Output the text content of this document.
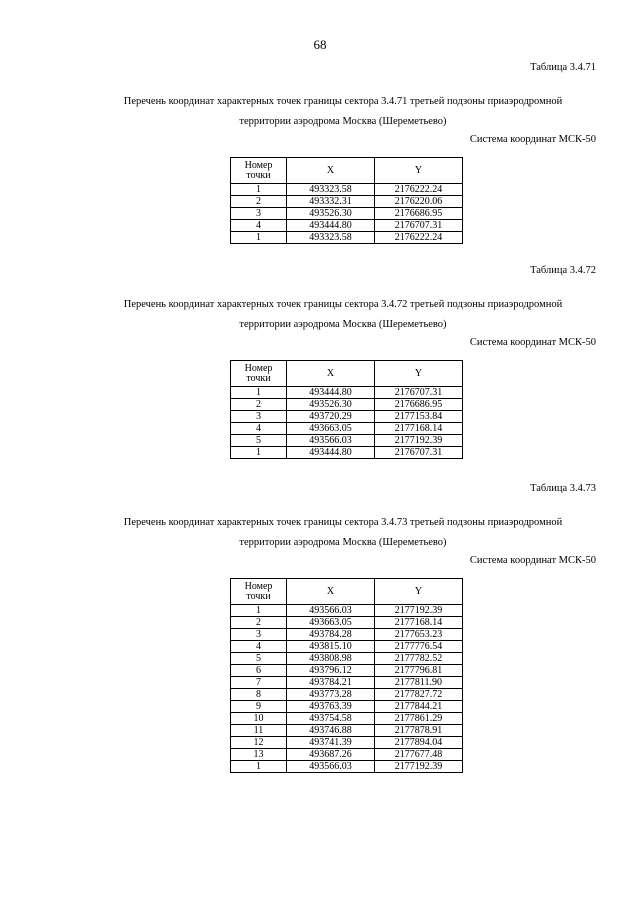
68
Таблица 3.4.71
Перечень координат характерных точек границы сектора 3.4.71 третьей подзоны приаэродромной
территории аэродрома Москва (Шереметьево)
Система координат МСК-50
Номер
точки	X	Y
1	493323.58	2176222.24
2	493332.31	2176220.06
3	493526.30	2176686.95
4	493444.80	2176707.31
1	493323.58	2176222.24
Таблица 3.4.72
Перечень координат характерных точек границы сектора 3.4.72 третьей подзоны приаэродромной
территории аэродрома Москва (Шереметьево)
Система координат МСК-50
Номер
точки	X	Y
1	493444.80	2176707.31
2	493526.30	2176686.95
3	493720.29	2177153.84
4	493663.05	2177168.14
5	493566.03	2177192.39
1	493444.80	2176707.31
Таблица 3.4.73
Перечень координат характерных точек границы сектора 3.4.73 третьей подзоны приаэродромной
территории аэродрома Москва (Шереметьево)
Система координат МСК-50
Номер
точки	X	Y
1	493566.03	2177192.39
2	493663.05	2177168.14
3	493784.28	2177653.23
4	493815.10	2177776.54
5	493808.98	2177782.52
6	493796.12	2177796.81
7	493784.21	2177811.90
8	493773.28	2177827.72
9	493763.39	2177844.21
10	493754.58	2177861.29
11	493746.88	2177878.91
12	493741.39	2177894.04
13	493687.26	2177677.48
1	493566.03	2177192.39
